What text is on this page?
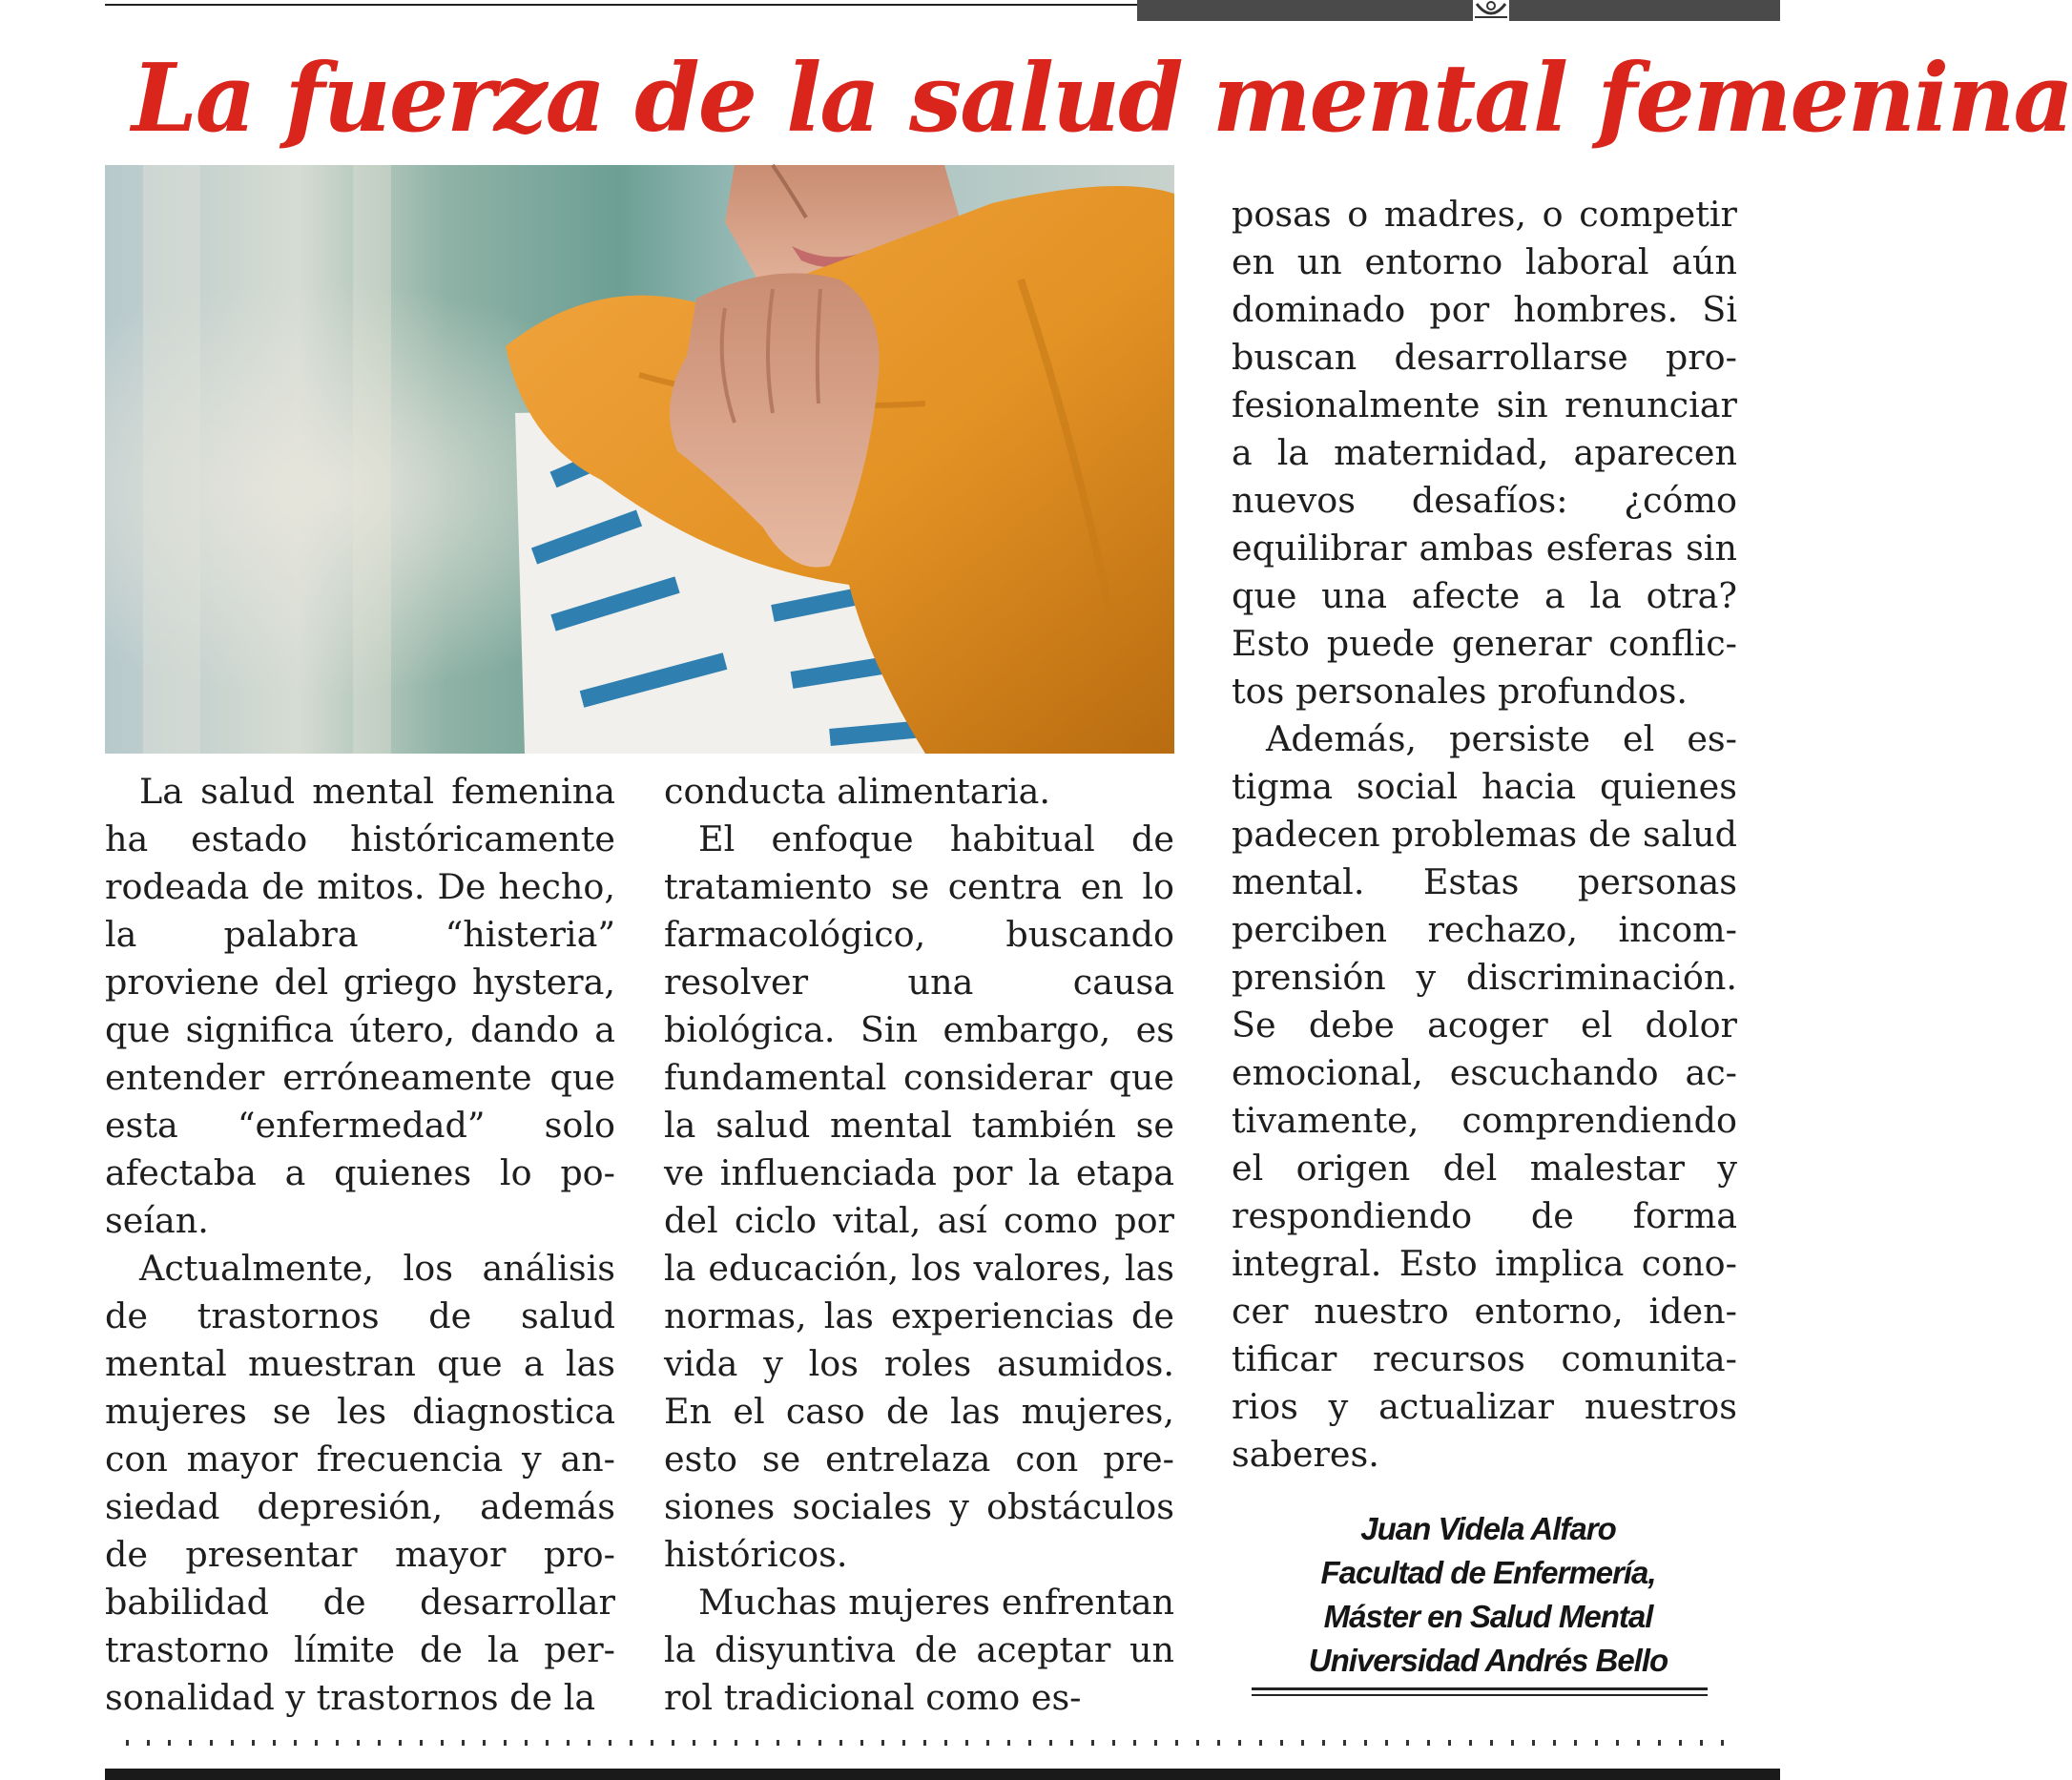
La fuerza de la salud mental femenina

La salud mental femenina ha estado históricamente rodeada de mitos. De hecho, la palabra “histeria” proviene del griego hystera, que significa útero, dando a entender erróneamente que esta “enfermedad” solo afectaba a quienes lo poseían.

Actualmente, los análisis de trastornos de salud mental muestran que a las mujeres se les diagnostica con mayor frecuencia y ansiedad depresión, además de presentar mayor probabilidad de desarrollar trastorno límite de la personalidad y trastornos de la

conducta alimentaria.

El enfoque habitual de tratamiento se centra en lo farmacológico, buscando resolver una causa biológica. Sin embargo, es fundamental considerar que la salud mental también se ve influenciada por la etapa del ciclo vital, así como por la educación, los valores, las normas, las experiencias de vida y los roles asumidos. En el caso de las mujeres, esto se entrelaza con presiones sociales y obstáculos históricos.

Muchas mujeres enfrentan la disyuntiva de aceptar un rol tradicional como es-

posas o madres, o competir en un entorno laboral aún dominado por hombres. Si buscan desarrollarse profesionalmente sin renunciar a la maternidad, aparecen nuevos desafíos: ¿cómo equilibrar ambas esferas sin que una afecte a la otra? Esto puede generar conflictos personales profundos.

Además, persiste el estigma social hacia quienes padecen problemas de salud mental. Estas personas perciben rechazo, incomprensión y discriminación. Se debe acoger el dolor emocional, escuchando activamente, comprendiendo el origen del malestar y respondiendo de forma integral. Esto implica conocer nuestro entorno, identificar recursos comunitarios y actualizar nuestros saberes.

Juan Videla Alfaro
Facultad de Enfermería,
Máster en Salud Mental
Universidad Andrés Bello
